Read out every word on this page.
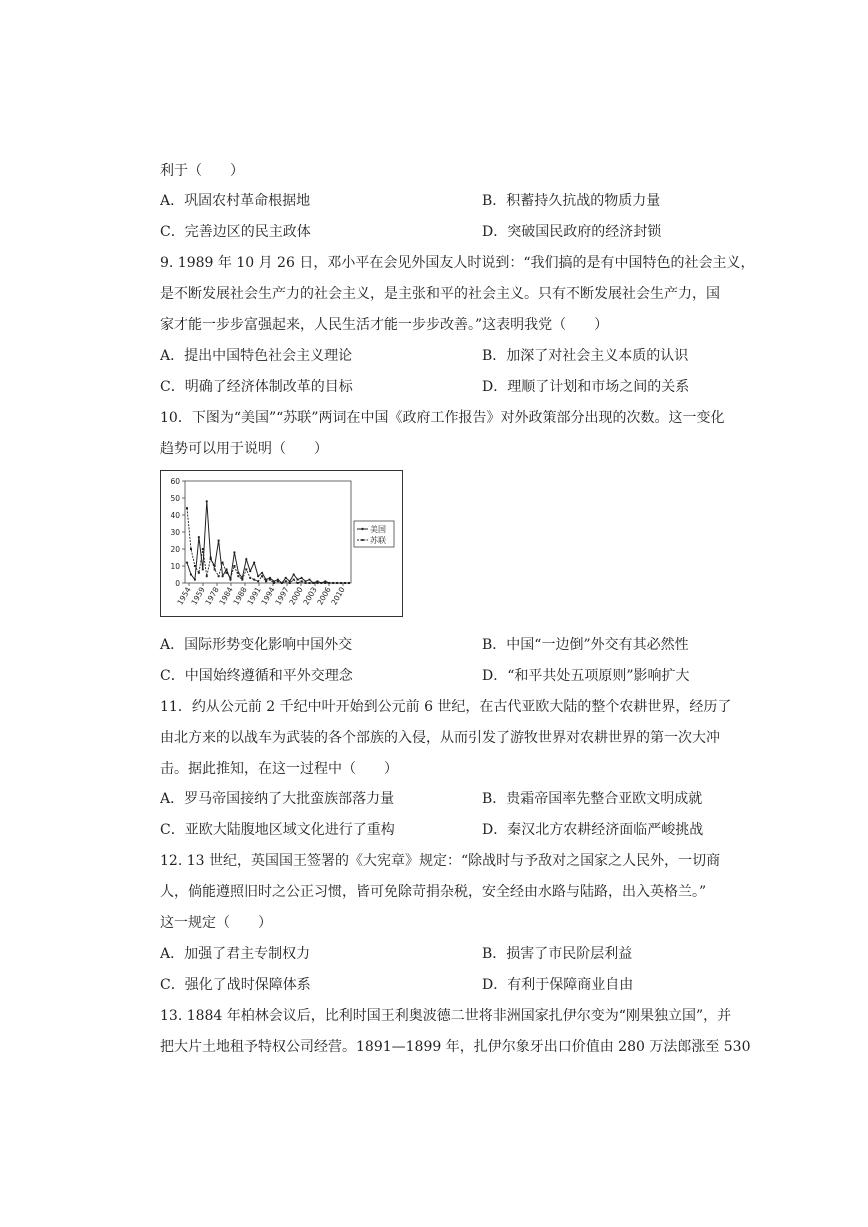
利于（　　）
A．巩固农村革命根据地	B．积蓄持久抗战的物质力量
C．完善边区的民主政体	D．突破国民政府的经济封锁
9. 1989 年 10 月 26 日，邓小平在会见外国友人时说到：“我们搞的是有中国特色的社会主义，
是不断发展社会生产力的社会主义，是主张和平的社会主义。只有不断发展社会生产力，国
家才能一步步富强起来，人民生活才能一步步改善。”这表明我党（　　）
A．提出中国特色社会主义理论	B．加深了对社会主义本质的认识
C．明确了经济体制改革的目标	D．理顺了计划和市场之间的关系
10．下图为“美国”“苏联”两词在中国《政府工作报告》对外政策部分出现的次数。这一变化
趋势可以用于说明（　　）
0
10
20
30
40
50
60
1954
1959
1978
1984
1988
1991
1994
1997
2000
2003
2006
2010
美国
苏联
A．国际形势变化影响中国外交	B．中国“一边倒”外交有其必然性
C．中国始终遵循和平外交理念	D．“和平共处五项原则”影响扩大
11．约从公元前 2 千纪中叶开始到公元前 6 世纪，在古代亚欧大陆的整个农耕世界，经历了
由北方来的以战车为武装的各个部族的入侵，从而引发了游牧世界对农耕世界的第一次大冲
击。据此推知，在这一过程中（　　）
A．罗马帝国接纳了大批蛮族部落力量	B．贵霜帝国率先整合亚欧文明成就
C．亚欧大陆腹地区域文化进行了重构	D．秦汉北方农耕经济面临严峻挑战
12. 13 世纪，英国国王签署的《大宪章》规定：“除战时与予敌对之国家之人民外，一切商
人，倘能遵照旧时之公正习惯，皆可免除苛捐杂税，安全经由水路与陆路，出入英格兰。”
这一规定（　　）
A．加强了君主专制权力	B．损害了市民阶层利益
C．强化了战时保障体系	D．有利于保障商业自由
13. 1884 年柏林会议后，比利时国王利奥波德二世将非洲国家扎伊尔变为“刚果独立国”，并
把大片土地租予特权公司经营。1891—1899 年，扎伊尔象牙出口价值由 280 万法郎涨至 530
